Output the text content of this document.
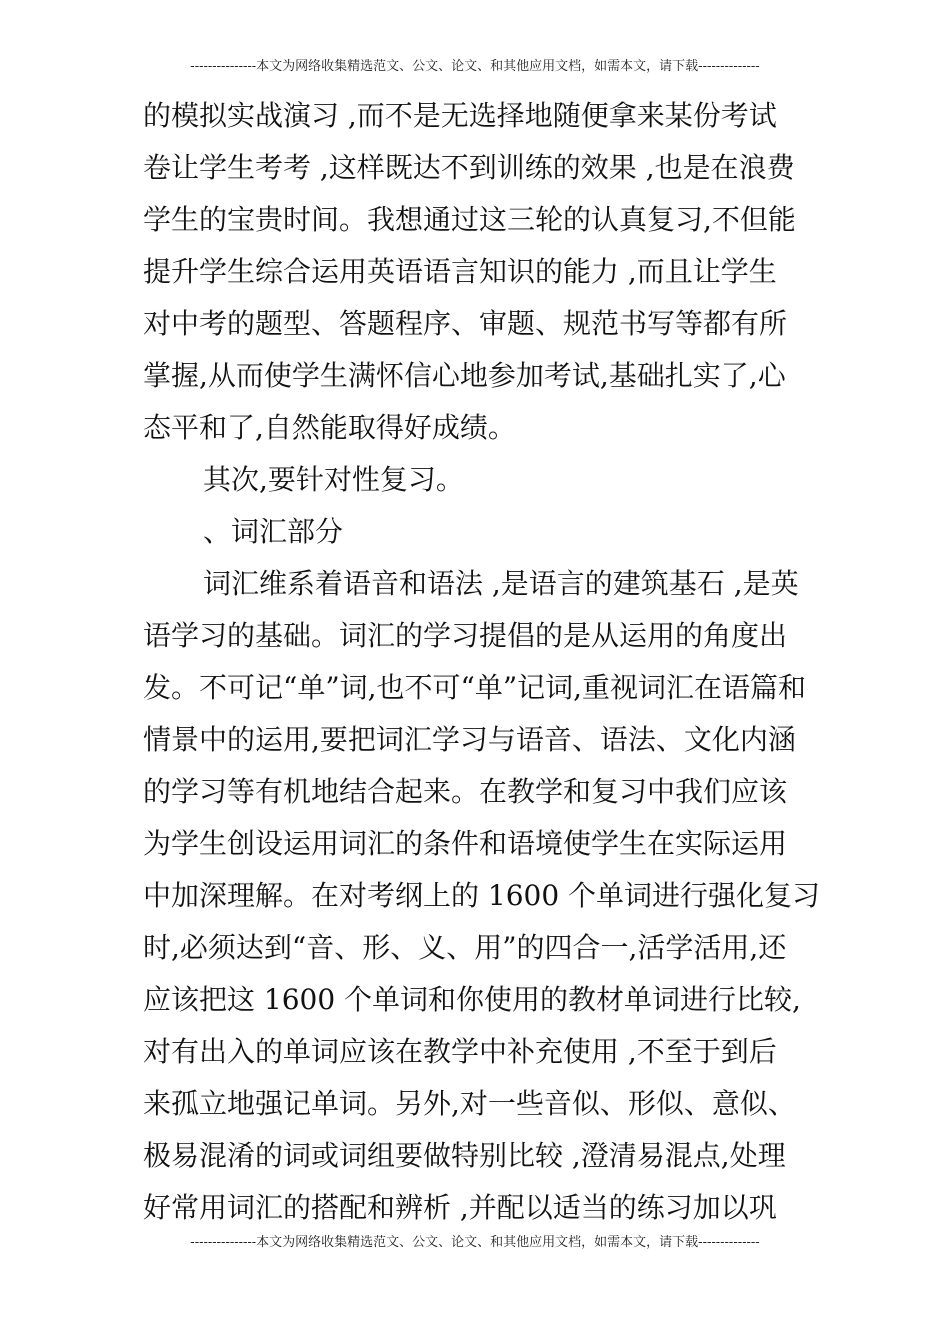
---------------本文为网络收集精选范文、公文、论文、和其他应用文档，如需本文，请下载--------------
的模拟实战演习 ,而不是无选择地随便拿来某份考试
卷让学生考考 ,这样既达不到训练的效果 ,也是在浪费
学生的宝贵时间。我想通过这三轮的认真复习,不但能
提升学生综合运用英语语言知识的能力 ,而且让学生
对中考的题型、答题程序、审题、规范书写等都有所
掌握,从而使学生满怀信心地参加考试,基础扎实了,心
态平和了,自然能取得好成绩。
其次,要针对性复习。
、词汇部分
词汇维系着语音和语法 ,是语言的建筑基石 ,是英
语学习的基础。词汇的学习提倡的是从运用的角度出
发。不可记“单”词,也不可“单”记词,重视词汇在语篇和
情景中的运用,要把词汇学习与语音、语法、文化内涵
的学习等有机地结合起来。在教学和复习中我们应该
为学生创设运用词汇的条件和语境使学生在实际运用
中加深理解。在对考纲上的 1600 个单词进行强化复习
时,必须达到“音、形、义、用”的四合一,活学活用,还
应该把这 1600 个单词和你使用的教材单词进行比较,
对有出入的单词应该在教学中补充使用 ,不至于到后
来孤立地强记单词。另外,对一些音似、形似、意似、
极易混淆的词或词组要做特别比较 ,澄清易混点,处理
好常用词汇的搭配和辨析 ,并配以适当的练习加以巩
---------------本文为网络收集精选范文、公文、论文、和其他应用文档，如需本文，请下载--------------
